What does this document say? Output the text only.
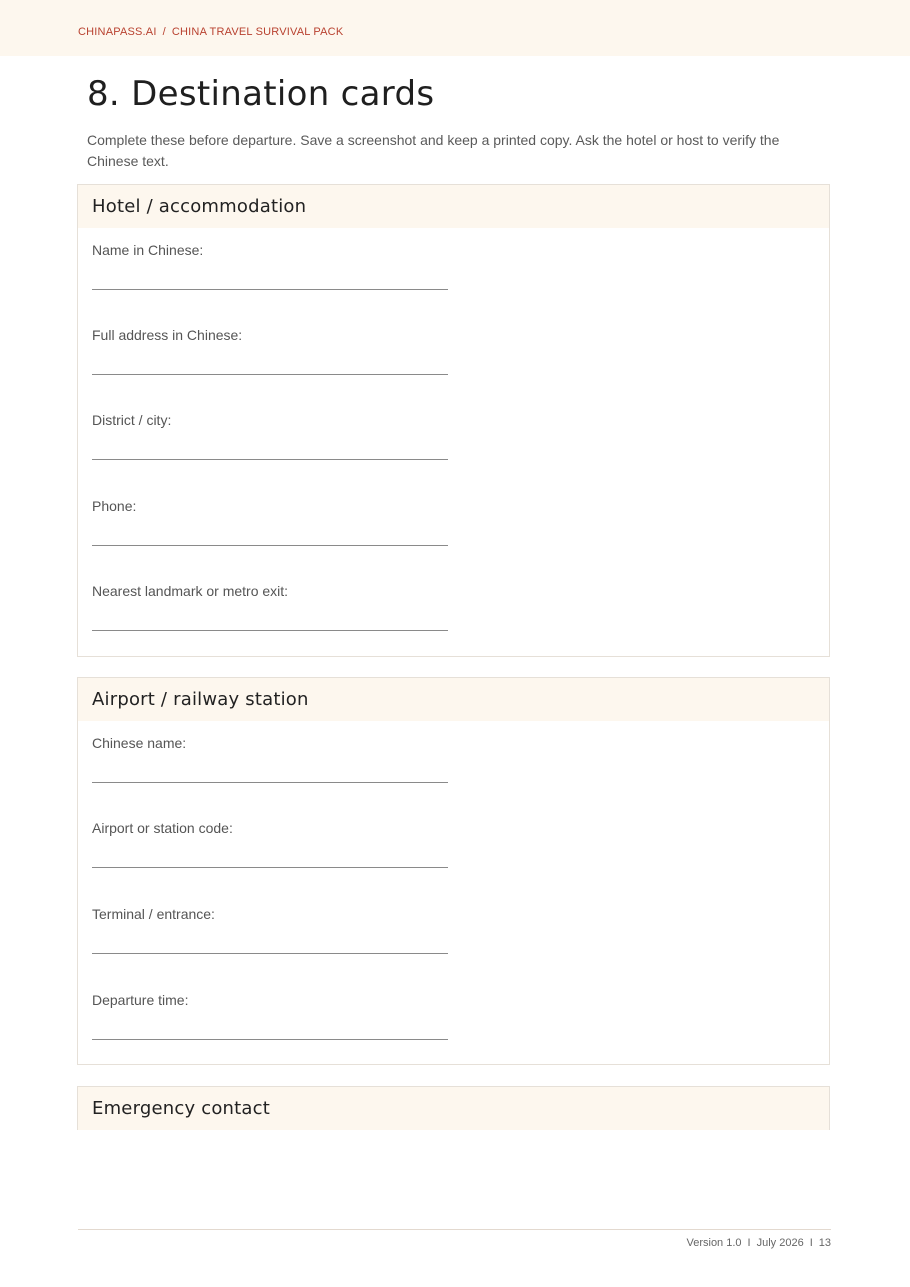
CHINAPASS.AI / CHINA TRAVEL SURVIVAL PACK
8. Destination cards

Complete these before departure. Save a screenshot and keep a printed copy. Ask the hotel or host to verify the Chinese text.

Hotel / accommodation
Name in Chinese:
Full address in Chinese:
District / city:
Phone:
Nearest landmark or metro exit:
Airport / railway station
Chinese name:
Airport or station code:
Terminal / entrance:
Departure time:
Emergency contact
Version 1.0 I July 2026 I 13
